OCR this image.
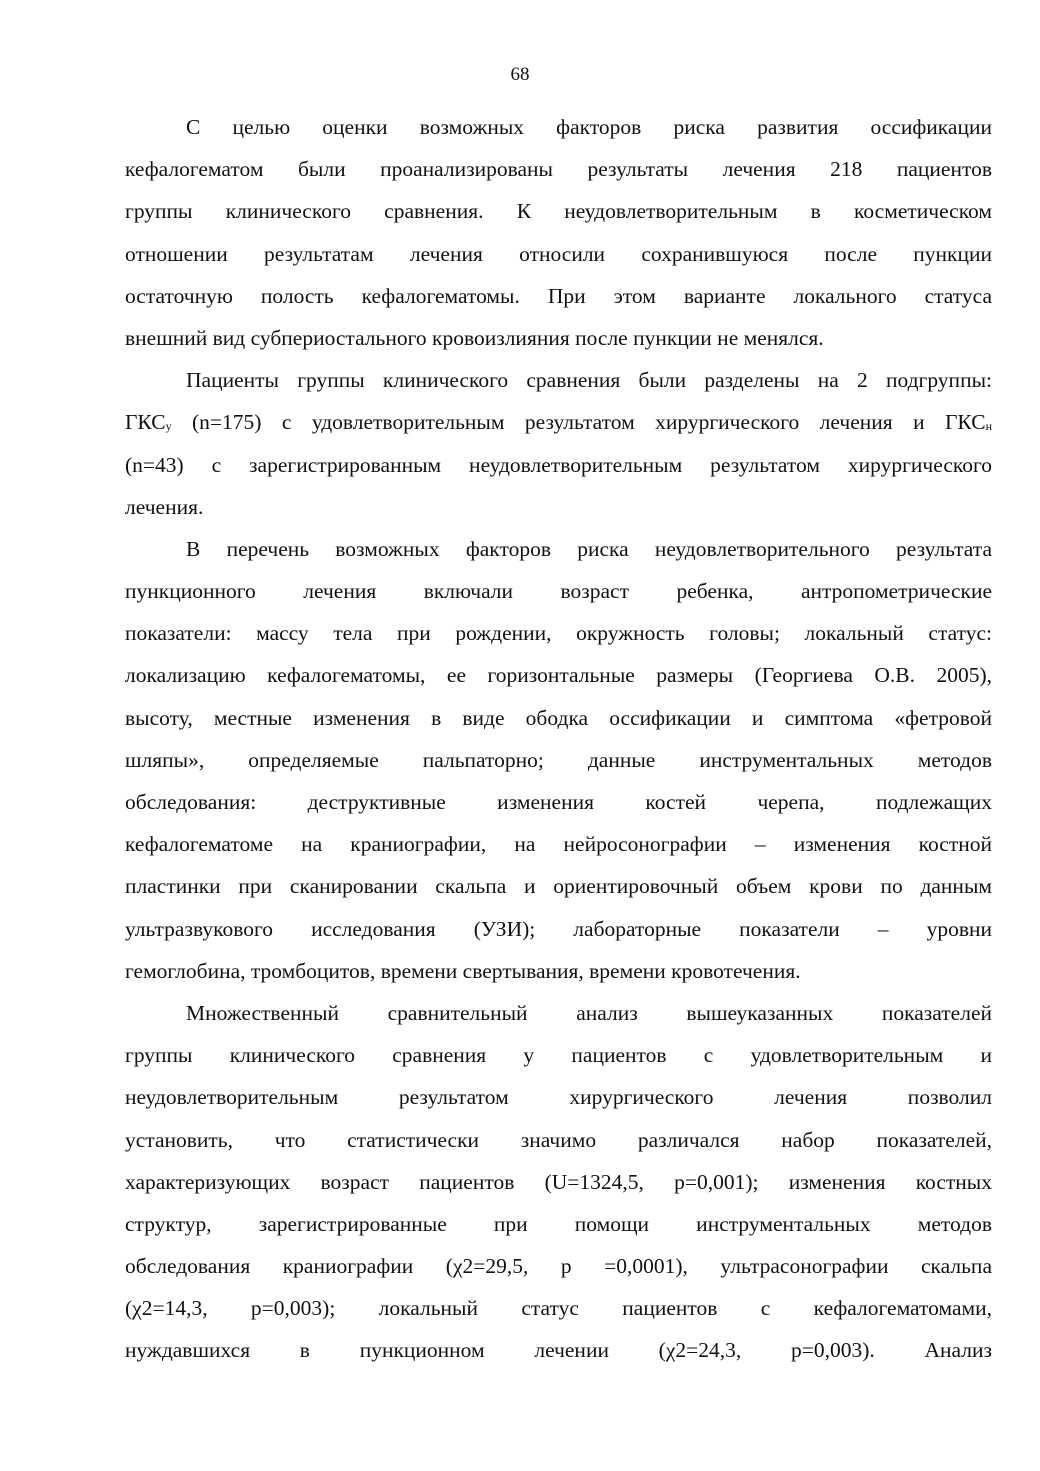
68
С целью оценки возможных факторов риска развития оссификации
кефалогематом были проанализированы результаты лечения 218 пациентов
группы клинического сравнения. К неудовлетворительным в косметическом
отношении результатам лечения относили сохранившуюся после пункции
остаточную полость кефалогематомы. При этом варианте локального статуса
внешний вид субпериостального кровоизлияния после пункции не менялся.
Пациенты группы клинического сравнения были разделены на 2 подгруппы:
$ГКС_у$ (n=175) с удовлетворительным результатом хирургического лечения и $ГКС_н$
(n=43) с зарегистрированным неудовлетворительным результатом хирургического
лечения.
В перечень возможных факторов риска неудовлетворительного результата
пункционного лечения включали возраст ребенка, антропометрические
показатели: массу тела при рождении, окружность головы; локальный статус:
локализацию кефалогематомы, ее горизонтальные размеры (Георгиева О.В. 2005),
высоту, местные изменения в виде ободка оссификации и симптома «фетровой
шляпы», определяемые пальпаторно; данные инструментальных методов
обследования: деструктивные изменения костей черепа, подлежащих
кефалогематоме на краниографии, на нейросонографии – изменения костной
пластинки при сканировании скальпа и ориентировочный объем крови по данным
ультразвукового исследования (УЗИ); лабораторные показатели – уровни
гемоглобина, тромбоцитов, времени свертывания, времени кровотечения.
Множественный сравнительный анализ вышеуказанных показателей
группы клинического сравнения у пациентов с удовлетворительным и
неудовлетворительным результатом хирургического лечения позволил
установить, что статистически значимо различался набор показателей,
характеризующих возраст пациентов (U=1324,5, p=0,001); изменения костных
структур, зарегистрированные при помощи инструментальных методов
обследования краниографии (χ2=29,5, p =0,0001), ультрасонографии скальпа
(χ2=14,3, p=0,003); локальный статус пациентов с кефалогематомами,
нуждавшихся в пункционном лечении (χ2=24,3, p=0,003). Анализ
